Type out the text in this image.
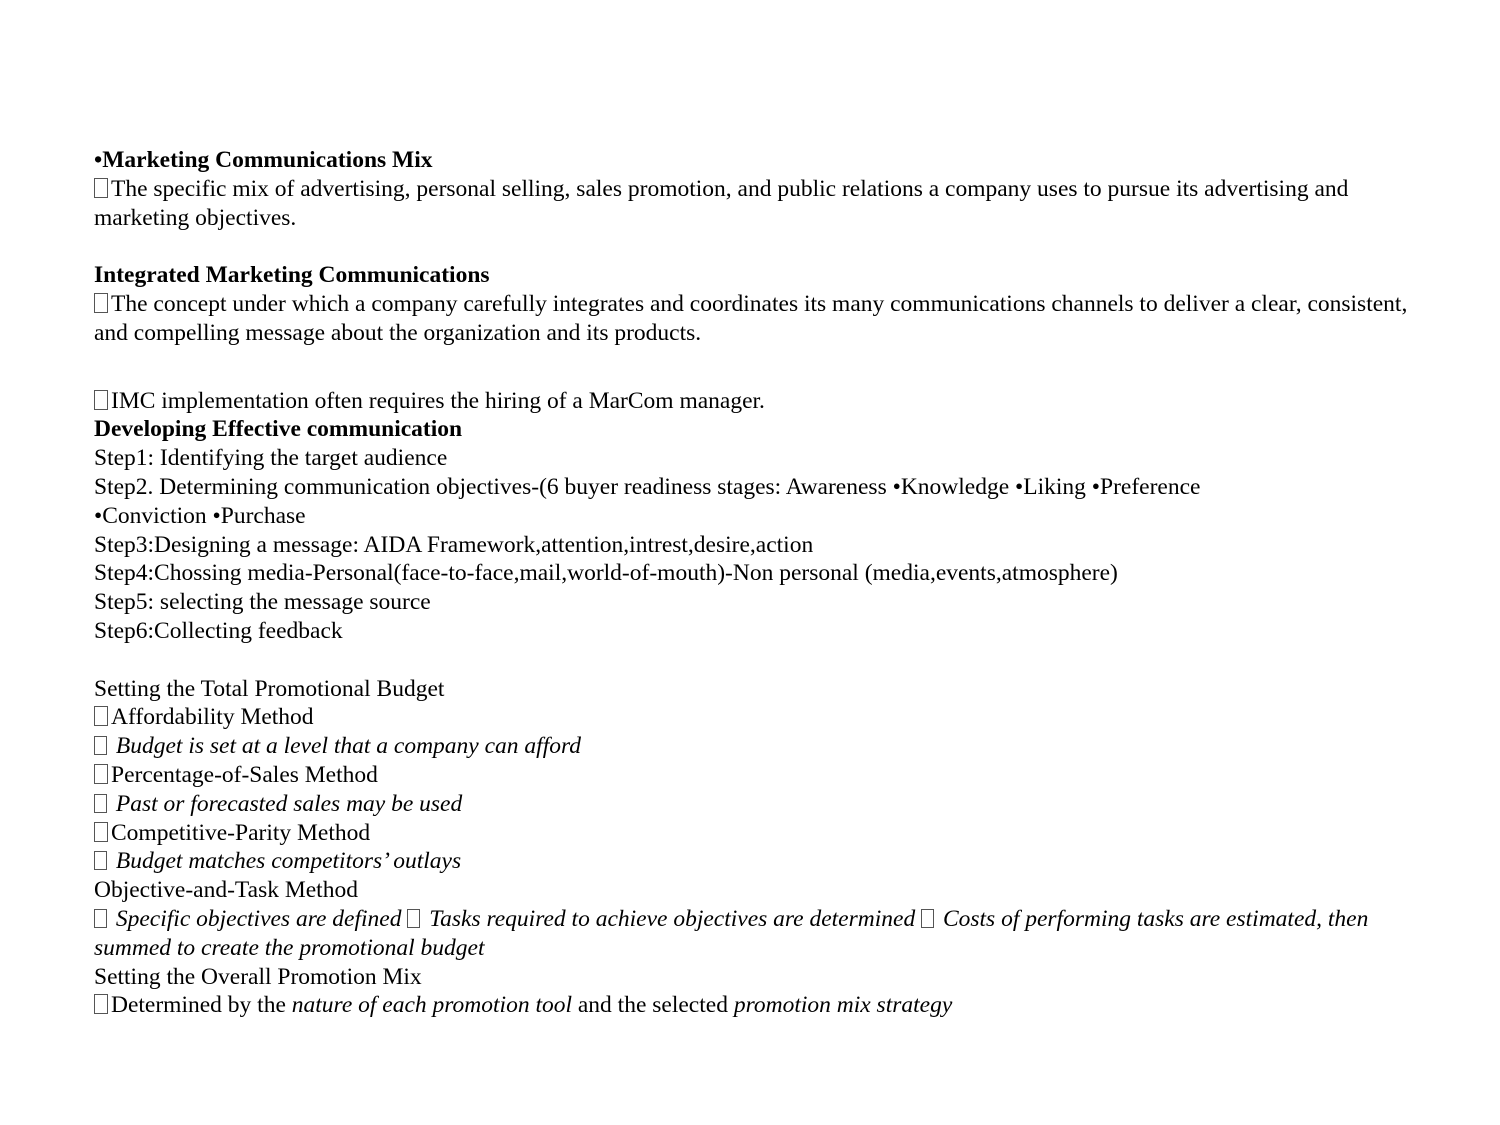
•Marketing Communications Mix
The specific mix of advertising, personal selling, sales promotion, and public relations a company uses to pursue its advertising and marketing objectives.
Integrated Marketing Communications
The concept under which a company carefully integrates and coordinates its many communications channels to deliver a clear, consistent, and compelling message about the organization and its products.
IMC implementation often requires the hiring of a MarCom manager.
Developing Effective communication
Step1: Identifying the target audience
Step2. Determining communication objectives-(6 buyer readiness stages: Awareness •Knowledge •Liking •Preference
•Conviction •Purchase
Step3:Designing a message: AIDA Framework,attention,intrest,desire,action
Step4:Chossing media-Personal(face-to-face,mail,world-of-mouth)-Non personal (media,events,atmosphere)
Step5: selecting the message source
Step6:Collecting feedback
Setting the Total Promotional Budget
Affordability Method
Budget is set at a level that a company can afford
Percentage-of-Sales Method
Past or forecasted sales may be used
Competitive-Parity Method
Budget matches competitors’ outlays
Objective-and-Task Method
Specific objectives are defined Tasks required to achieve objectives are determined Costs of performing tasks are estimated, then summed to create the promotional budget
Setting the Overall Promotion Mix
Determined by the nature of each promotion tool and the selected promotion mix strategy
